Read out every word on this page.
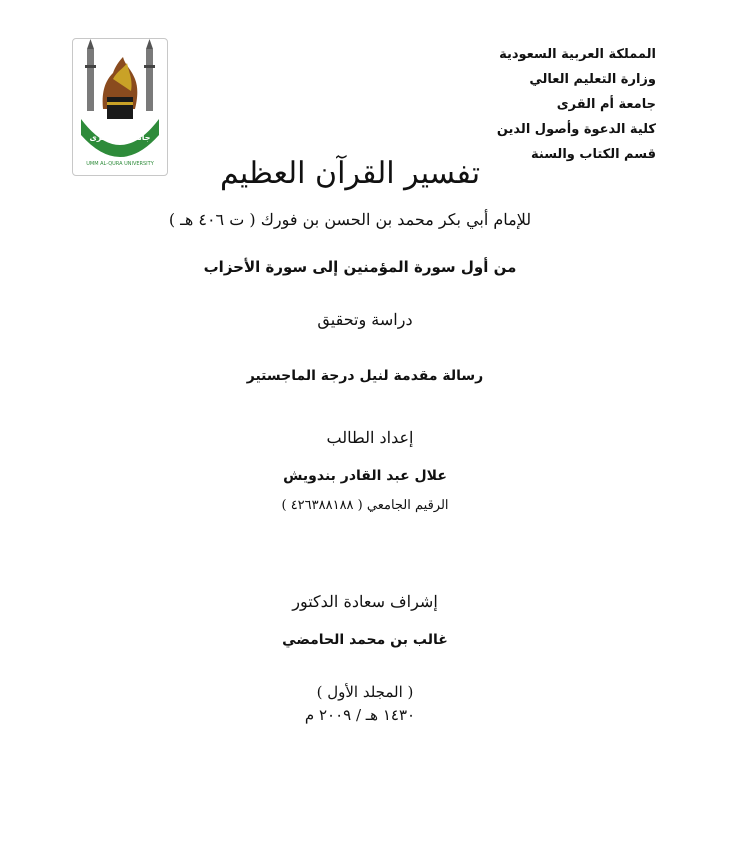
جامعة أم القرى
UMM AL-QURA UNIVERSITY
المملكة العربية السعودية
وزارة التعليم العالي
جامعة أم القرى
كلية الدعوة وأصول الدين
قسم الكتاب والسنة
تفسير القرآن العظيم
للإمام أبي بكر محمد بن الحسن بن فورك ( ت ٤٠٦ هـ )
من أول سورة المؤمنين إلى سورة الأحزاب
دراسة وتحقيق
رسالة مقدمة لنيل درجة الماجستير
إعداد الطالب
علال عبد القادر بندويش
الرقيم الجامعي ( ٤٢٦٣٨٨١٨٨ )
إشراف سعادة الدكتور
غالب بن محمد الحامضي
( المجلد الأول )
١٤٣٠ هـ / ٢٠٠٩ م
